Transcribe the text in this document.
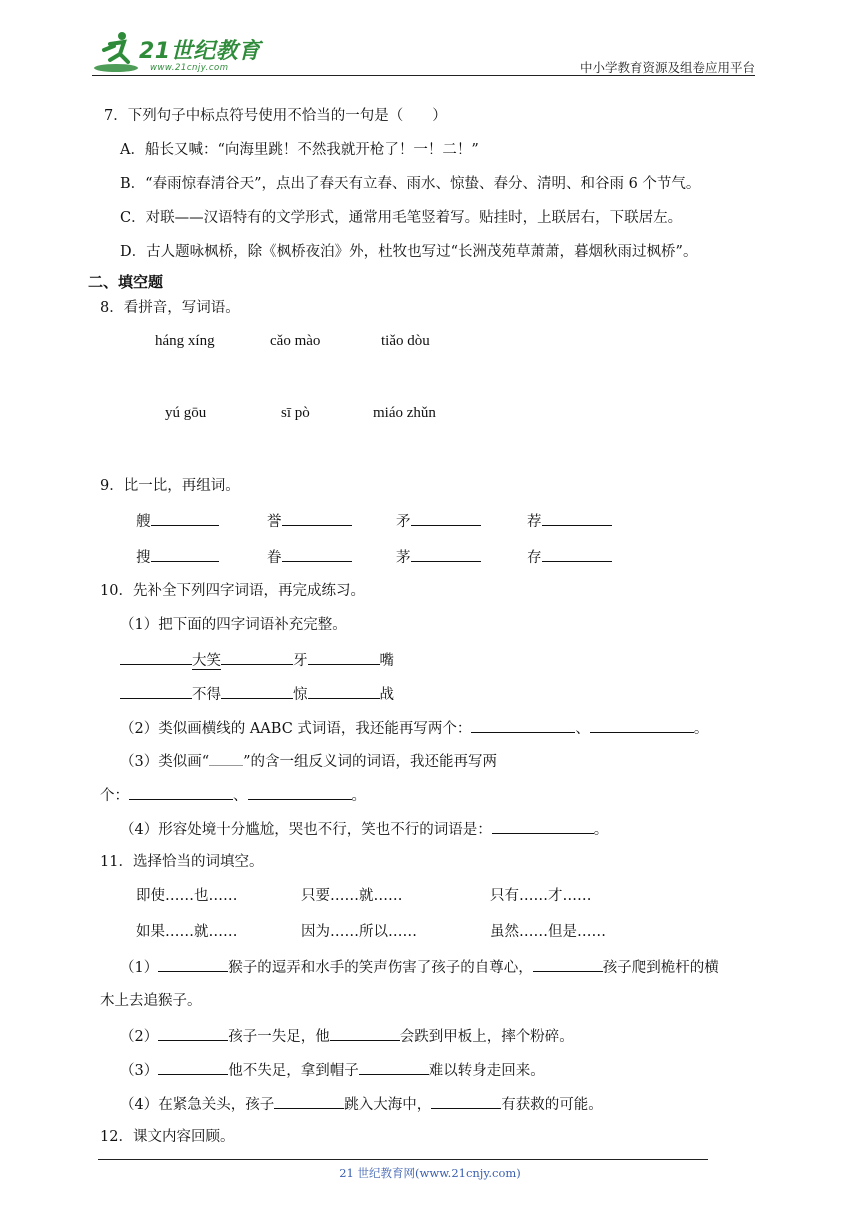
21世纪教育
www.21cnjy.com	中小学教育资源及组卷应用平台
7．下列句子中标点符号使用不恰当的一句是（　　）
A．船长又喊：“向海里跳！不然我就开枪了！一！二！”
B．“春雨惊春清谷天”，点出了春天有立春、雨水、惊蛰、春分、清明、和谷雨 6 个节气。
C．对联——汉语特有的文学形式，通常用毛笔竖着写。贴挂时，上联居右，下联居左。
D．古人题咏枫桥，除《枫桥夜泊》外，杜牧也写过“长洲茂苑草萧萧，暮烟秋雨过枫桥”。
二、填空题
8．看拼音，写词语。
háng xíng	cǎo mào	tiǎo dòu
yú gōu	sī pò	miáo zhǔn
9．比一比，再组词。
艘	誉	矛	荐
搜	眷	茅	存
10．先补全下列四字词语，再完成练习。
（1）把下面的四字词语补充完整。
大笑	牙	嘴
不得	惊	战
（2）类似画横线的 AABC 式词语，我还能再写两个：	、	。
（3）类似画“ ”的含一组反义词的词语，我还能再写两
个：	、	。
（4）形容处境十分尴尬，哭也不行，笑也不行的词语是：	。
11．选择恰当的词填空。
即使……也……	只要……就……	只有……才……
如果……就……	因为……所以……	虽然……但是……
（1）	猴子的逗弄和水手的笑声伤害了孩子的自尊心，	孩子爬到桅杆的横
木上去追猴子。
（2）	孩子一失足，他	会跌到甲板上，摔个粉碎。
（3）	他不失足，拿到帽子	难以转身走回来。
（4）在紧急关头，孩子	跳入大海中，	有获救的可能。
12．课文内容回顾。
21 世纪教育网(www.21cnjy.com)
